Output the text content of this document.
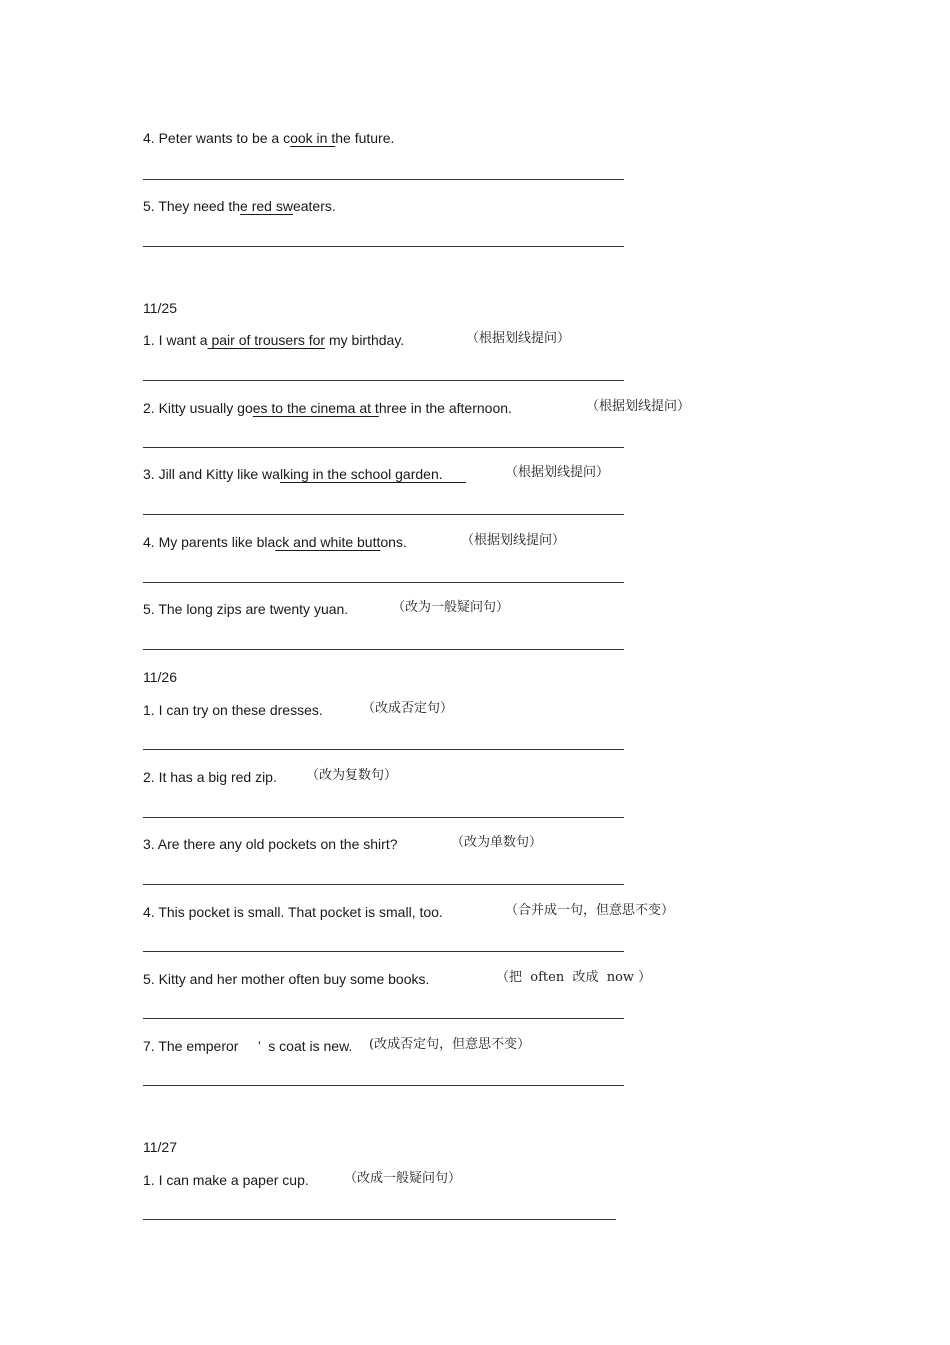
4. Peter wants to be a cook in the future.
5. They need the red sweaters.
11/25
1. I want a pair of trousers for my birthday.	（根据划线提问）
2. Kitty usually goes to the cinema at three in the afternoon.	（根据划线提问）
3. Jill and Kitty like walking in the school garden.	（根据划线提问）
4. My parents like black and white buttons.	（根据划线提问）
5. The long zips are twenty yuan.	（改为一般疑问句）
11/26
1. I can try on these dresses.	（改成否定句）
2. It has a big red zip. （改为复数句）
3. Are there any old pockets on the shirt?	（改为单数句）
4. This pocket is small. That pocket is small, too.	（合并成一句，但意思不变）
5. Kitty and her mother often buy some books.	（把  often  改成  now ）
7. The emperor     ’  s coat is new. (改成否定句，但意思不变）
11/27
1. I can make a paper cup.	（改成一般疑问句）
